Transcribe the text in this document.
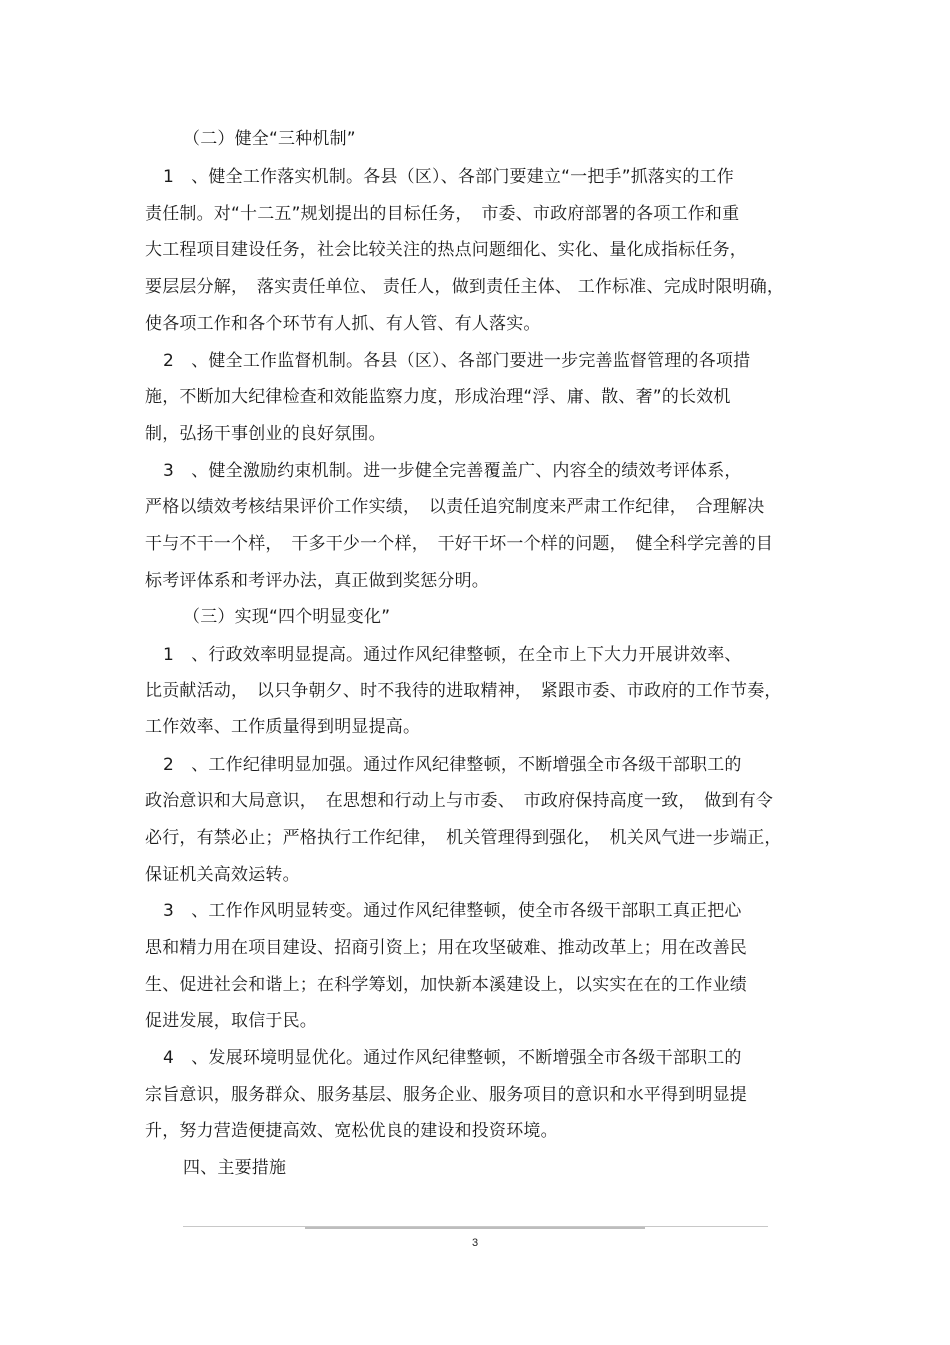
（二）健全“三种机制”
1　、健全工作落实机制。各县（区）、各部门要建立“一把手”抓落实的工作
责任制。对“十二五”规划提出的目标任务，　市委、市政府部署的各项工作和重
大工程项目建设任务，社会比较关注的热点问题细化、实化、量化成指标任务，
要层层分解，　落实责任单位、 责任人，做到责任主体、 工作标准、完成时限明确，
使各项工作和各个环节有人抓、有人管、有人落实。
2　、健全工作监督机制。各县（区）、各部门要进一步完善监督管理的各项措
施，不断加大纪律检查和效能监察力度，形成治理“浮、庸、散、奢”的长效机
制，弘扬干事创业的良好氛围。
3　、健全激励约束机制。进一步健全完善覆盖广、内容全的绩效考评体系，
严格以绩效考核结果评价工作实绩，　以责任追究制度来严肃工作纪律，　合理解决
干与不干一个样，　干多干少一个样，　干好干坏一个样的问题，　健全科学完善的目
标考评体系和考评办法，真正做到奖惩分明。
（三）实现“四个明显变化”
1　、行政效率明显提高。通过作风纪律整顿，在全市上下大力开展讲效率、
比贡献活动，　以只争朝夕、时不我待的进取精神，　紧跟市委、市政府的工作节奏，
工作效率、工作质量得到明显提高。
2　、工作纪律明显加强。通过作风纪律整顿，不断增强全市各级干部职工的
政治意识和大局意识，　在思想和行动上与市委、　市政府保持高度一致，　做到有令
必行，有禁必止；严格执行工作纪律，　机关管理得到强化，　机关风气进一步端正，
保证机关高效运转。
3　、工作作风明显转变。通过作风纪律整顿，使全市各级干部职工真正把心
思和精力用在项目建设、招商引资上；用在攻坚破难、推动改革上；用在改善民
生、促进社会和谐上；在科学筹划，加快新本溪建设上，以实实在在的工作业绩
促进发展，取信于民。
4　、发展环境明显优化。通过作风纪律整顿，不断增强全市各级干部职工的
宗旨意识，服务群众、服务基层、服务企业、服务项目的意识和水平得到明显提
升，努力营造便捷高效、宽松优良的建设和投资环境。
四、主要措施
3
